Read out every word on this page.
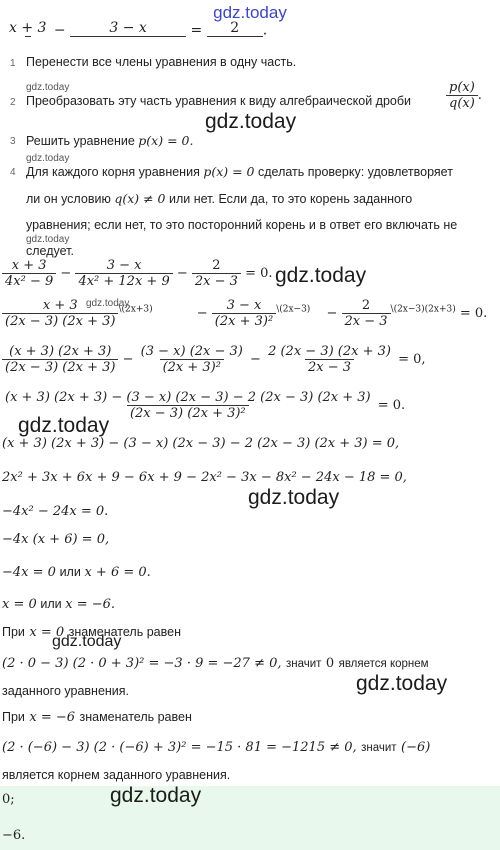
gdz.today
x + 3 −	3 − x	= 2 .
1 Перенести все члены уравнения в одну часть.
gdz.today
2 Преобразовать эту часть уравнения к виду алгебраической дроби	$\frac{p(x)}{q(x)}$ .
gdz.today
3 Решить уравнение p(x) = 0.
gdz.today
4 Для каждого корня уравнения p(x) = 0 сделать проверку: удовлетворяет
ли он условию q(x) ≠ 0 или нет. Если да, то это корень заданного
уравнения; если нет, то это посторонний корень и в ответ его включать не
gdz.today
следует.
$\frac{x + 3}{\text{4x² − 9}} - \frac{3 - x}{\text{4x² + 12x + 9}} - \frac{2}{2x - 3} = 0$. gdz.today
$\frac{x + 3}{(2x - 3) (2x + 3)} ^{\backslash(2x+3)}$	− $\frac{3 - x}{\text{(2x + 3)²}} ^{\backslash(2x-3)} - \frac{2}{2x - 3} ^{\backslash(2x-3)(2x+3)} = 0$.
gdz.today
$\frac{(x + 3) (2x + 3)}{(2x - 3) (2x + 3)} - \frac{(3 - x) (2x - 3)}{\text{(2x + 3)²}} - \frac{2 (2x - 3) (2x + 3)}{2x - 3} = 0$,
$\frac{(x + 3) (2x + 3) - (3 - x) (2x - 3) - 2 (2x - 3) (2x + 3)}{\text{(2x − 3) (2x + 3)²}} = 0$.
gdz.today
(x + 3) (2x + 3) − (3 − x) (2x − 3) − 2 (2x − 3) (2x + 3) = 0,
2x² + 3x + 6x + 9 − 6x + 9 − 2x² − 3x − 8x² − 24x − 18 = 0,
gdz.today
−4x² − 24x = 0.
−4x (x + 6) = 0,
−4x = 0 или x + 6 = 0.
x = 0 или x = −6.
При x = 0 знаменатель равен
gdz.today
(2 · 0 − 3) (2 · 0 + 3)² = −3 · 9 = −27 ≠ 0, значит 0 является корнем
gdz.today
заданного уравнения.
При x = −6 знаменатель равен
(2 · (−6) − 3) (2 · (−6) + 3)² = −15 · 81 = −1215 ≠ 0, значит (−6)
является корнем заданного уравнения.
0;	gdz.today
−6.
